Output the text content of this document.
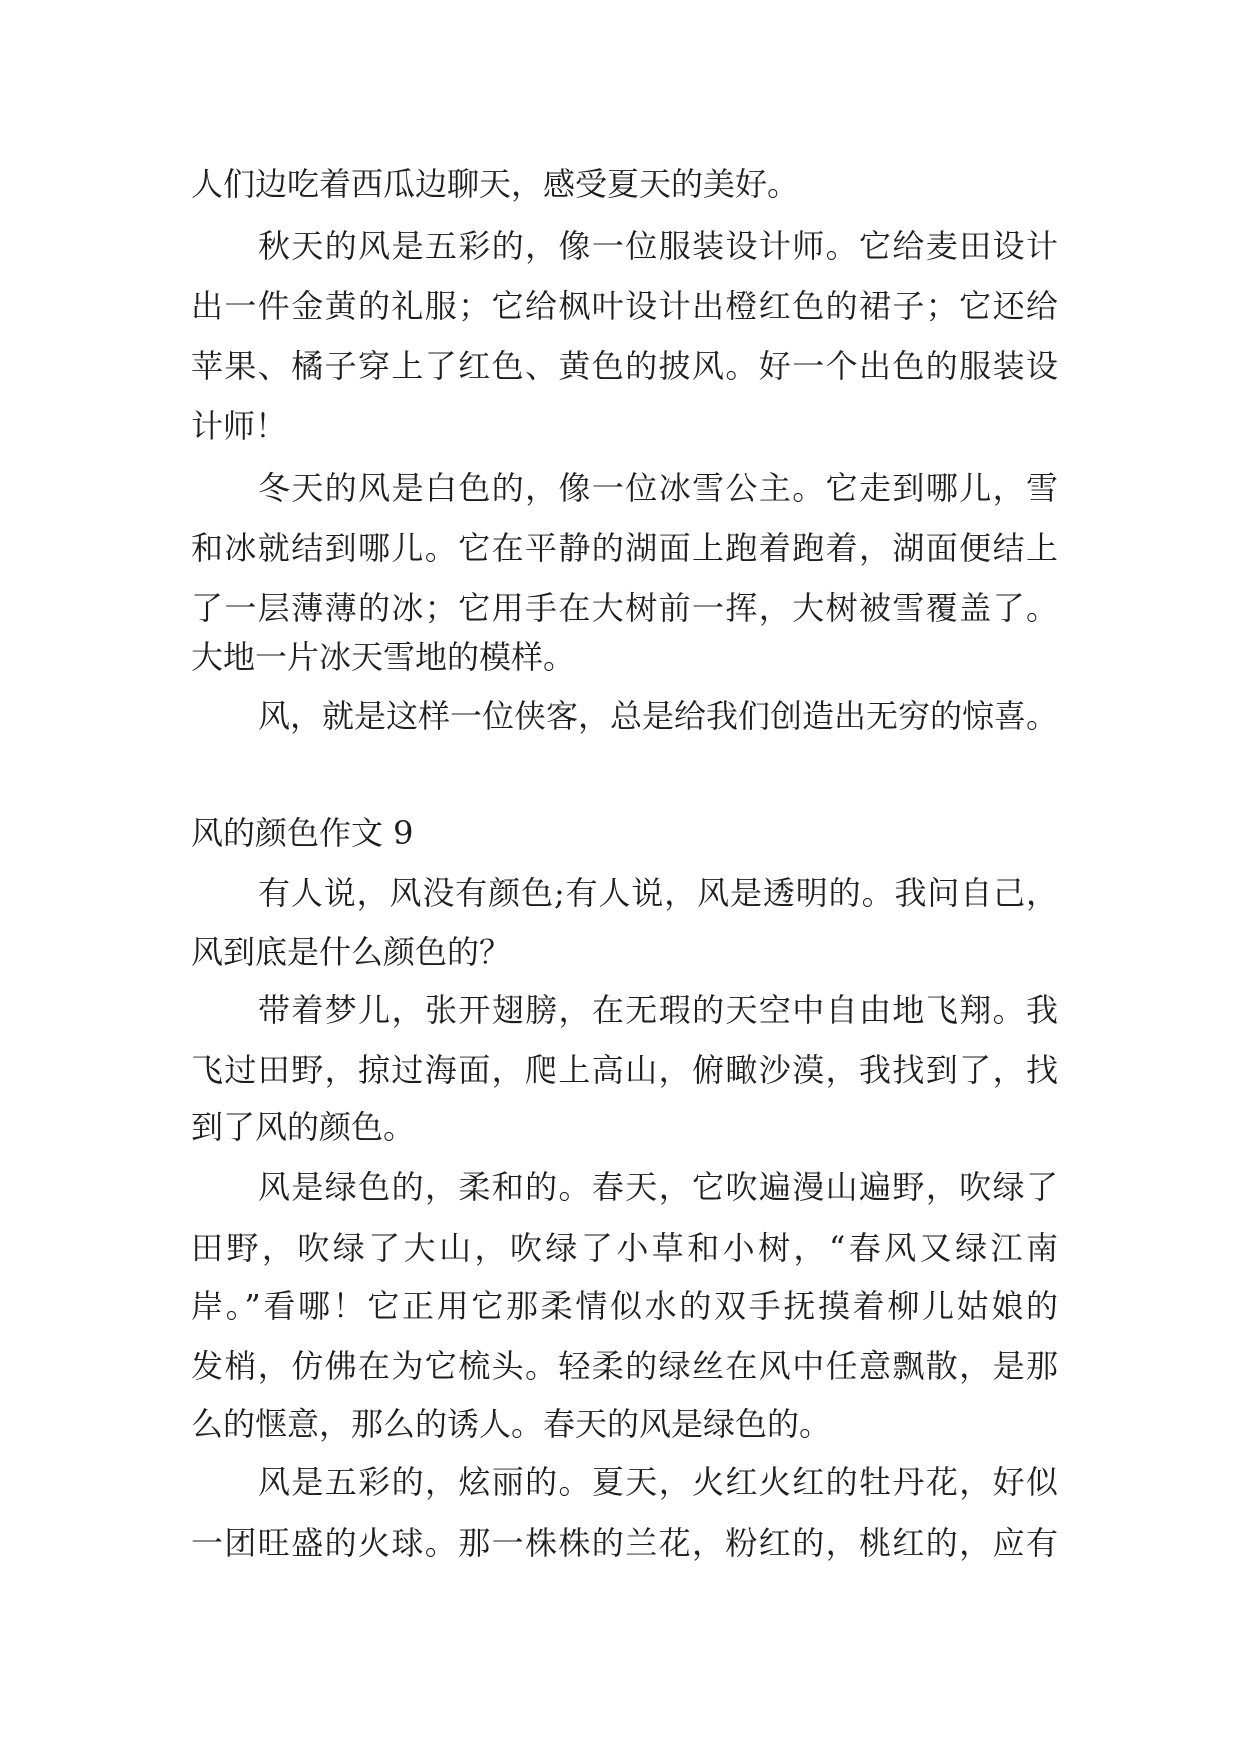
人们边吃着西瓜边聊天，感受夏天的美好。
秋天的风是五彩的，像一位服装设计师。它给麦田设计
出一件金黄的礼服；它给枫叶设计出橙红色的裙子；它还给
苹果、橘子穿上了红色、黄色的披风。好一个出色的服装设
计师！
冬天的风是白色的，像一位冰雪公主。它走到哪儿，雪
和冰就结到哪儿。它在平静的湖面上跑着跑着，湖面便结上
了一层薄薄的冰；它用手在大树前一挥，大树被雪覆盖了。
大地一片冰天雪地的模样。
风，就是这样一位侠客，总是给我们创造出无穷的惊喜。
风的颜色作文 9
有人说，风没有颜色;有人说，风是透明的。我问自己，
风到底是什么颜色的？
带着梦儿，张开翅膀，在无瑕的天空中自由地飞翔。我
飞过田野，掠过海面，爬上高山，俯瞰沙漠，我找到了，找
到了风的颜色。
风是绿色的，柔和的。春天，它吹遍漫山遍野，吹绿了
田野，吹绿了大山，吹绿了小草和小树，“春风又绿江南
岸。”看哪！它正用它那柔情似水的双手抚摸着柳儿姑娘的
发梢，仿佛在为它梳头。轻柔的绿丝在风中任意飘散，是那
么的惬意，那么的诱人。春天的风是绿色的。
风是五彩的，炫丽的。夏天，火红火红的牡丹花，好似
一团旺盛的火球。那一株株的兰花，粉红的，桃红的，应有
